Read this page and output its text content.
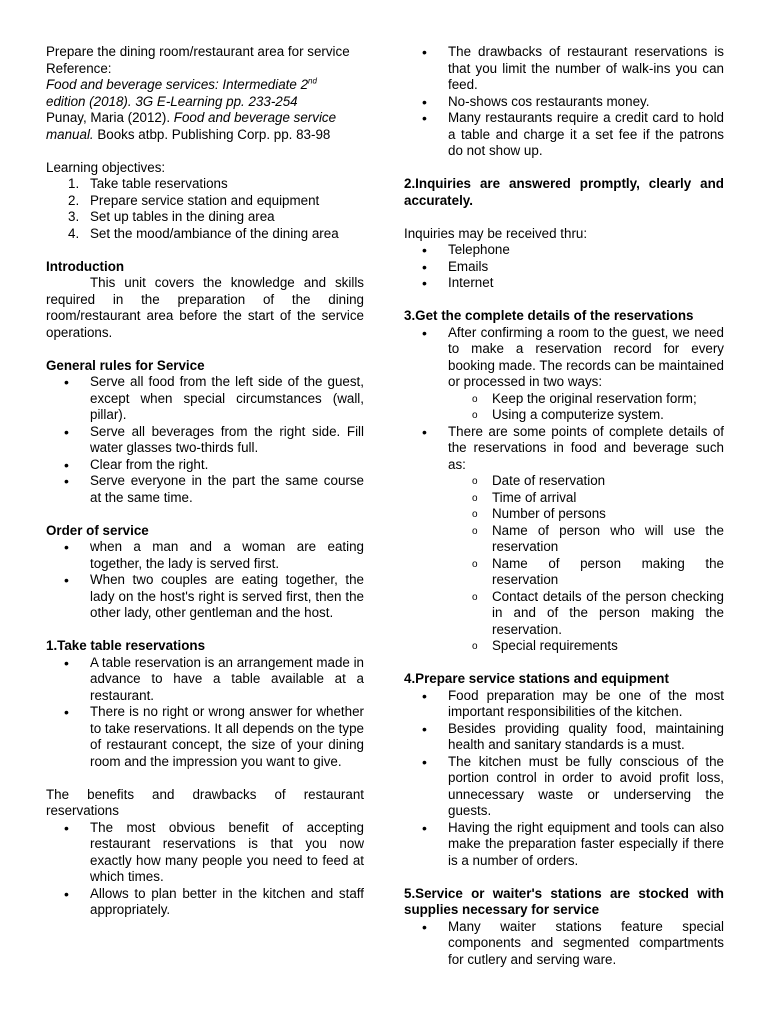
Prepare the dining room/restaurant area for service

Reference:

Food and beverage services: Intermediate 2nd

edition (2018). 3G E-Learning pp. 233-254

Punay, Maria (2012). Food and beverage service manual. Books atbp. Publishing Corp. pp. 83-98

Learning objectives:

1. Take table reservations
2. Prepare service station and equipment
3. Set up tables in the dining area
4. Set the mood/ambiance of the dining area

Introduction

This unit covers the knowledge and skills required in the preparation of the dining room/restaurant area before the start of the service operations.

General rules for Service

• Serve all food from the left side of the guest, except when special circumstances (wall, pillar).
• Serve all beverages from the right side. Fill water glasses two-thirds full.
• Clear from the right.
• Serve everyone in the part the same course at the same time.

Order of service

• when a man and a woman are eating together, the lady is served first.
• When two couples are eating together, the lady on the host's right is served first, then the other lady, other gentleman and the host.

1.Take table reservations

• A table reservation is an arrangement made in advance to have a table available at a restaurant.
• There is no right or wrong answer for whether to take reservations. It all depends on the type of restaurant concept, the size of your dining room and the impression you want to give.

The benefits and drawbacks of restaurant reservations

• The most obvious benefit of accepting restaurant reservations is that you now exactly how many people you need to feed at which times.
• Allows to plan better in the kitchen and staff appropriately.
• The drawbacks of restaurant reservations is that you limit the number of walk-ins you can feed.
• No-shows cos restaurants money.
• Many restaurants require a credit card to hold a table and charge it a set fee if the patrons do not show up.

2.Inquiries are answered promptly, clearly and accurately.

Inquiries may be received thru:

• Telephone
• Emails
• Internet

3.Get the complete details of the reservations

• After confirming a room to the guest, we need to make a reservation record for every booking made. The records can be maintained or processed in two ways:
o Keep the original reservation form;
o Using a computerize system.
• There are some points of complete details of the reservations in food and beverage such as:
o Date of reservation
o Time of arrival
o Number of persons
o Name of person who will use the reservation
o Name of person making the reservation
o Contact details of the person checking in and of the person making the reservation.
o Special requirements

4.Prepare service stations and equipment

• Food preparation may be one of the most important responsibilities of the kitchen.
• Besides providing quality food, maintaining health and sanitary standards is a must.
• The kitchen must be fully conscious of the portion control in order to avoid profit loss, unnecessary waste or underserving the guests.
• Having the right equipment and tools can also make the preparation faster especially if there is a number of orders.

5.Service or waiter's stations are stocked with supplies necessary for service

• Many waiter stations feature special components and segmented compartments for cutlery and serving ware.
